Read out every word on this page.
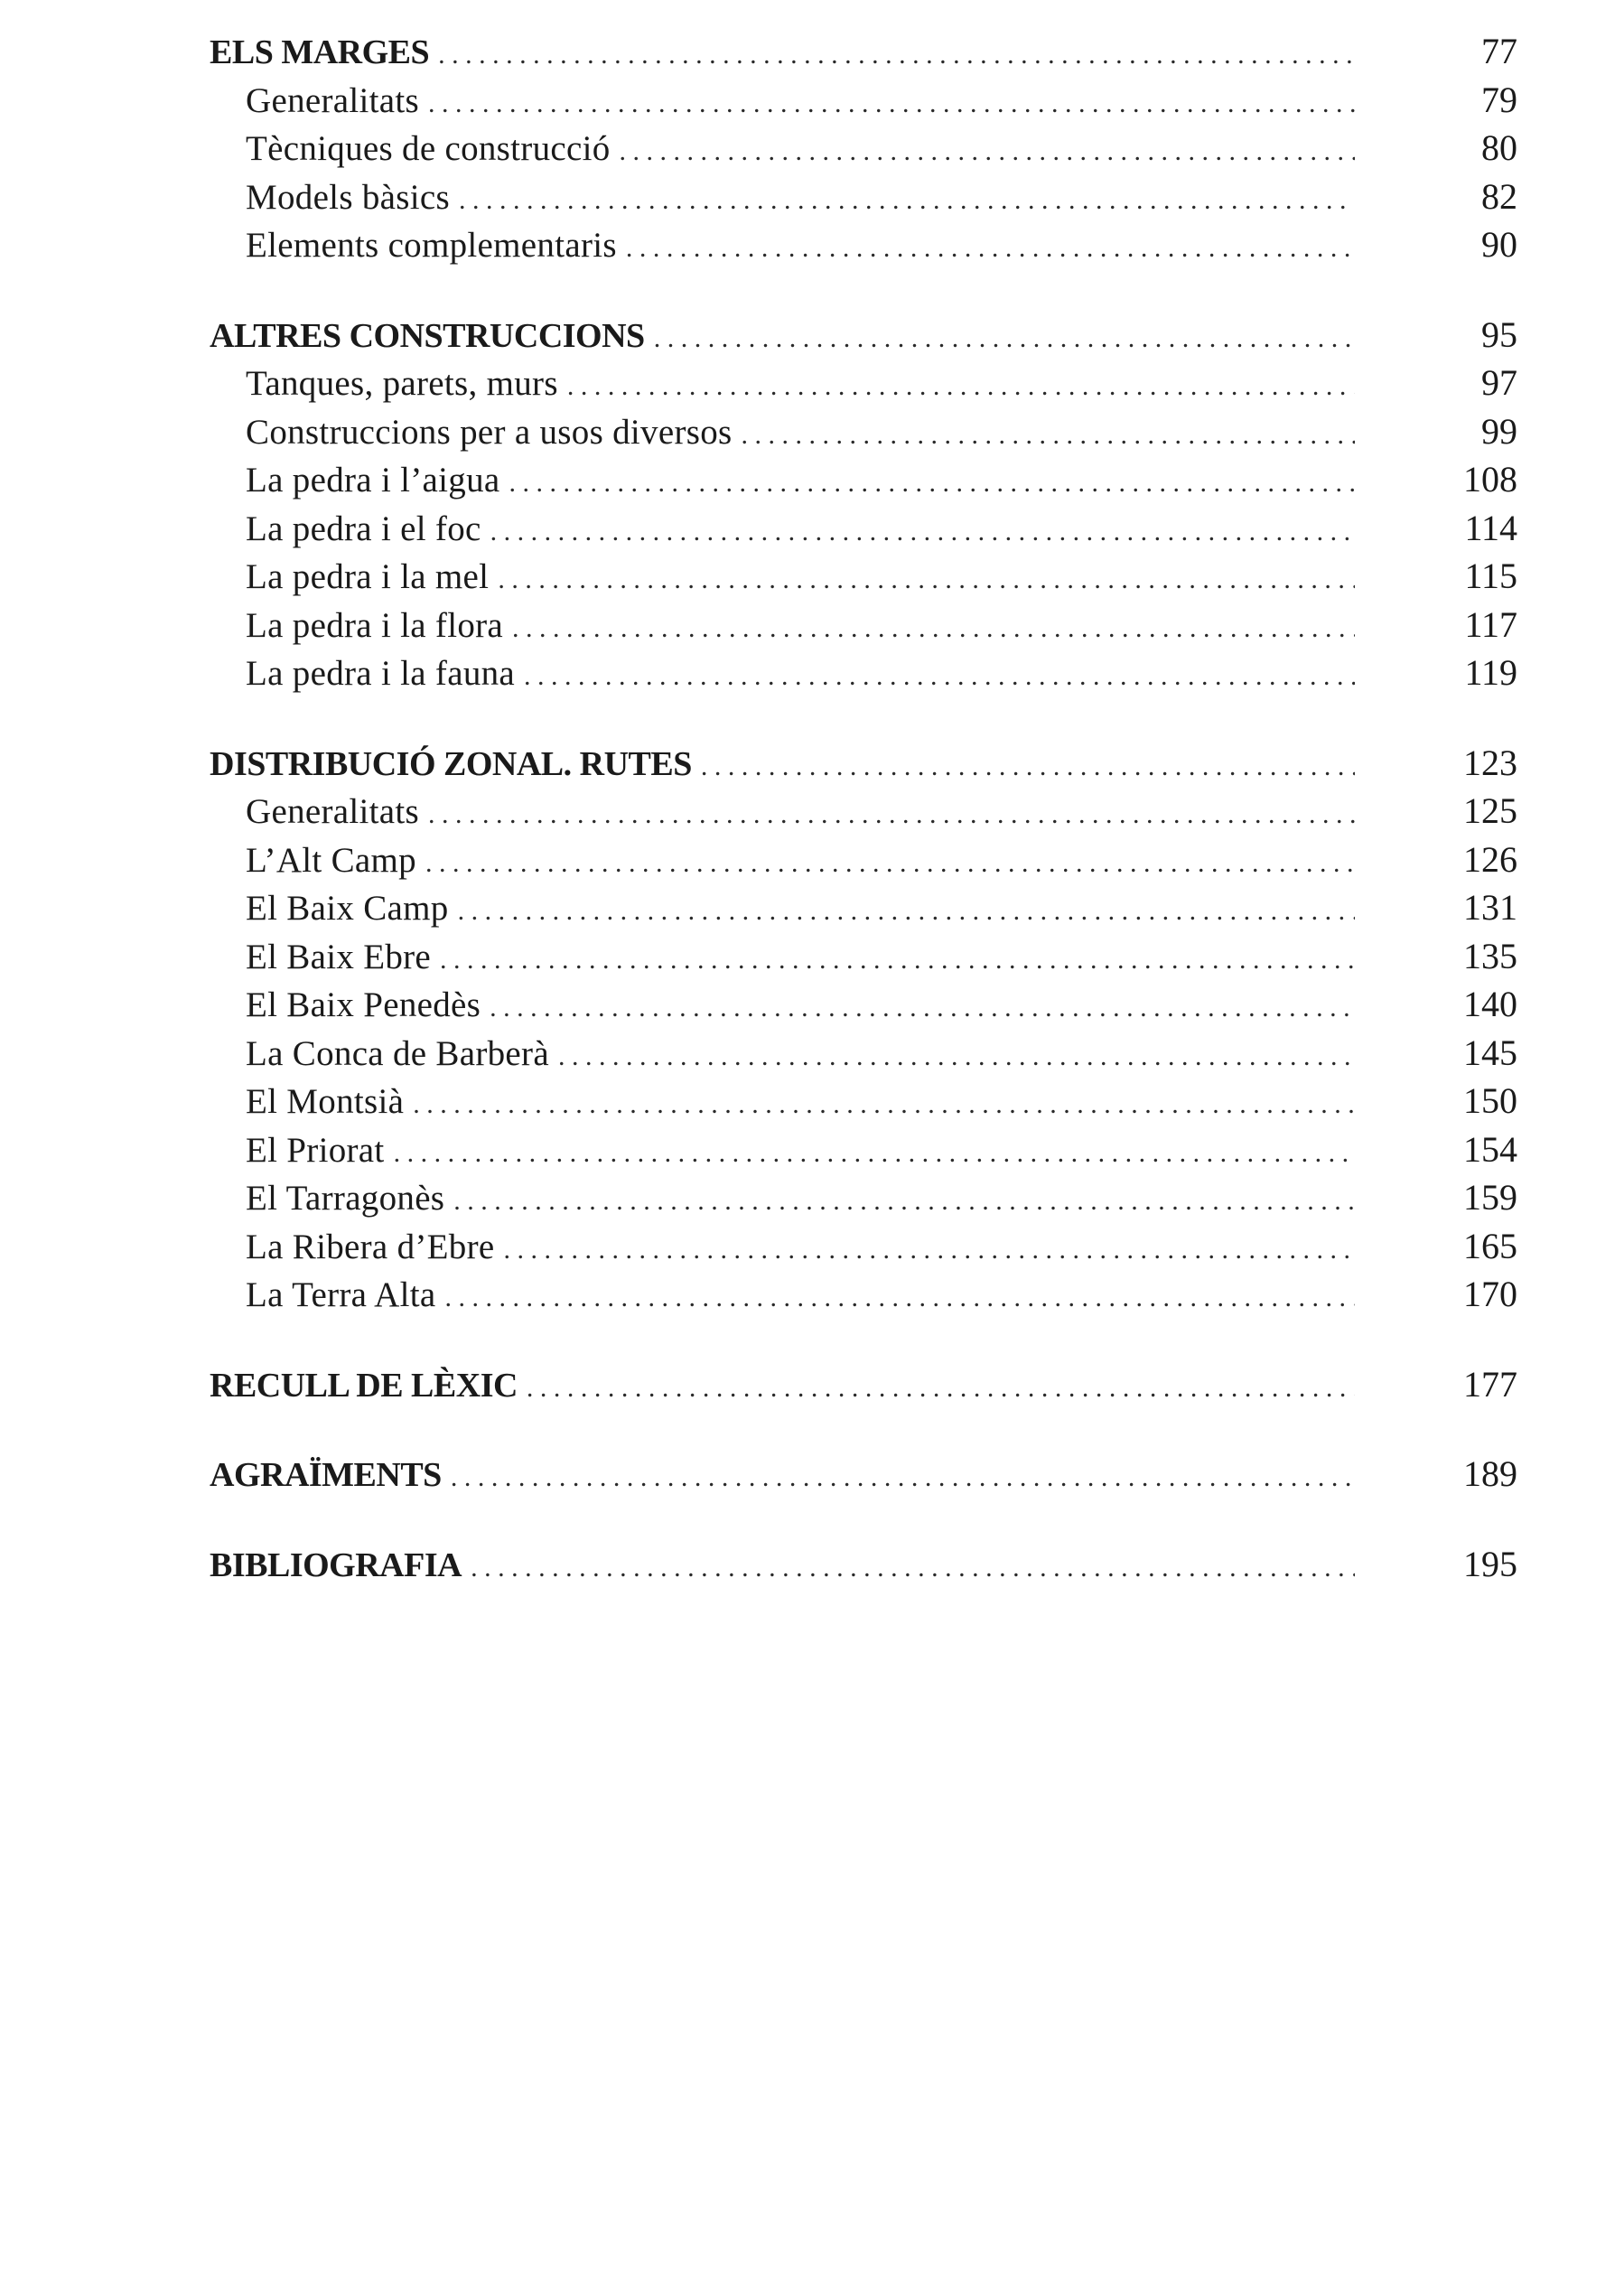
ELS MARGES . . .	77
Generalitats . . .	79
Tècniques de construcció . . .	80
Models bàsics . . .	82
Elements complementaris . . .	90
ALTRES CONSTRUCCIONS . . .	95
Tanques, parets, murs . . .	97
Construccions per a usos diversos . . .	99
La pedra i l’aigua . . .	108
La pedra i el foc . . .	114
La pedra i la mel . . .	115
La pedra i la flora . . .	117
La pedra i la fauna . . .	119
DISTRIBUCIÓ ZONAL. RUTES . . .	123
Generalitats . . .	125
L’Alt Camp . . .	126
El Baix Camp . . .	131
El Baix Ebre . . .	135
El Baix Penedès . . .	140
La Conca de Barberà . . .	145
El Montsià . . .	150
El Priorat . . .	154
El Tarragonès . . .	159
La Ribera d’Ebre . . .	165
La Terra Alta . . .	170
RECULL DE LÈXIC . . .	177
AGRAÏMENTS . . .	189
BIBLIOGRAFIA . . .	195
